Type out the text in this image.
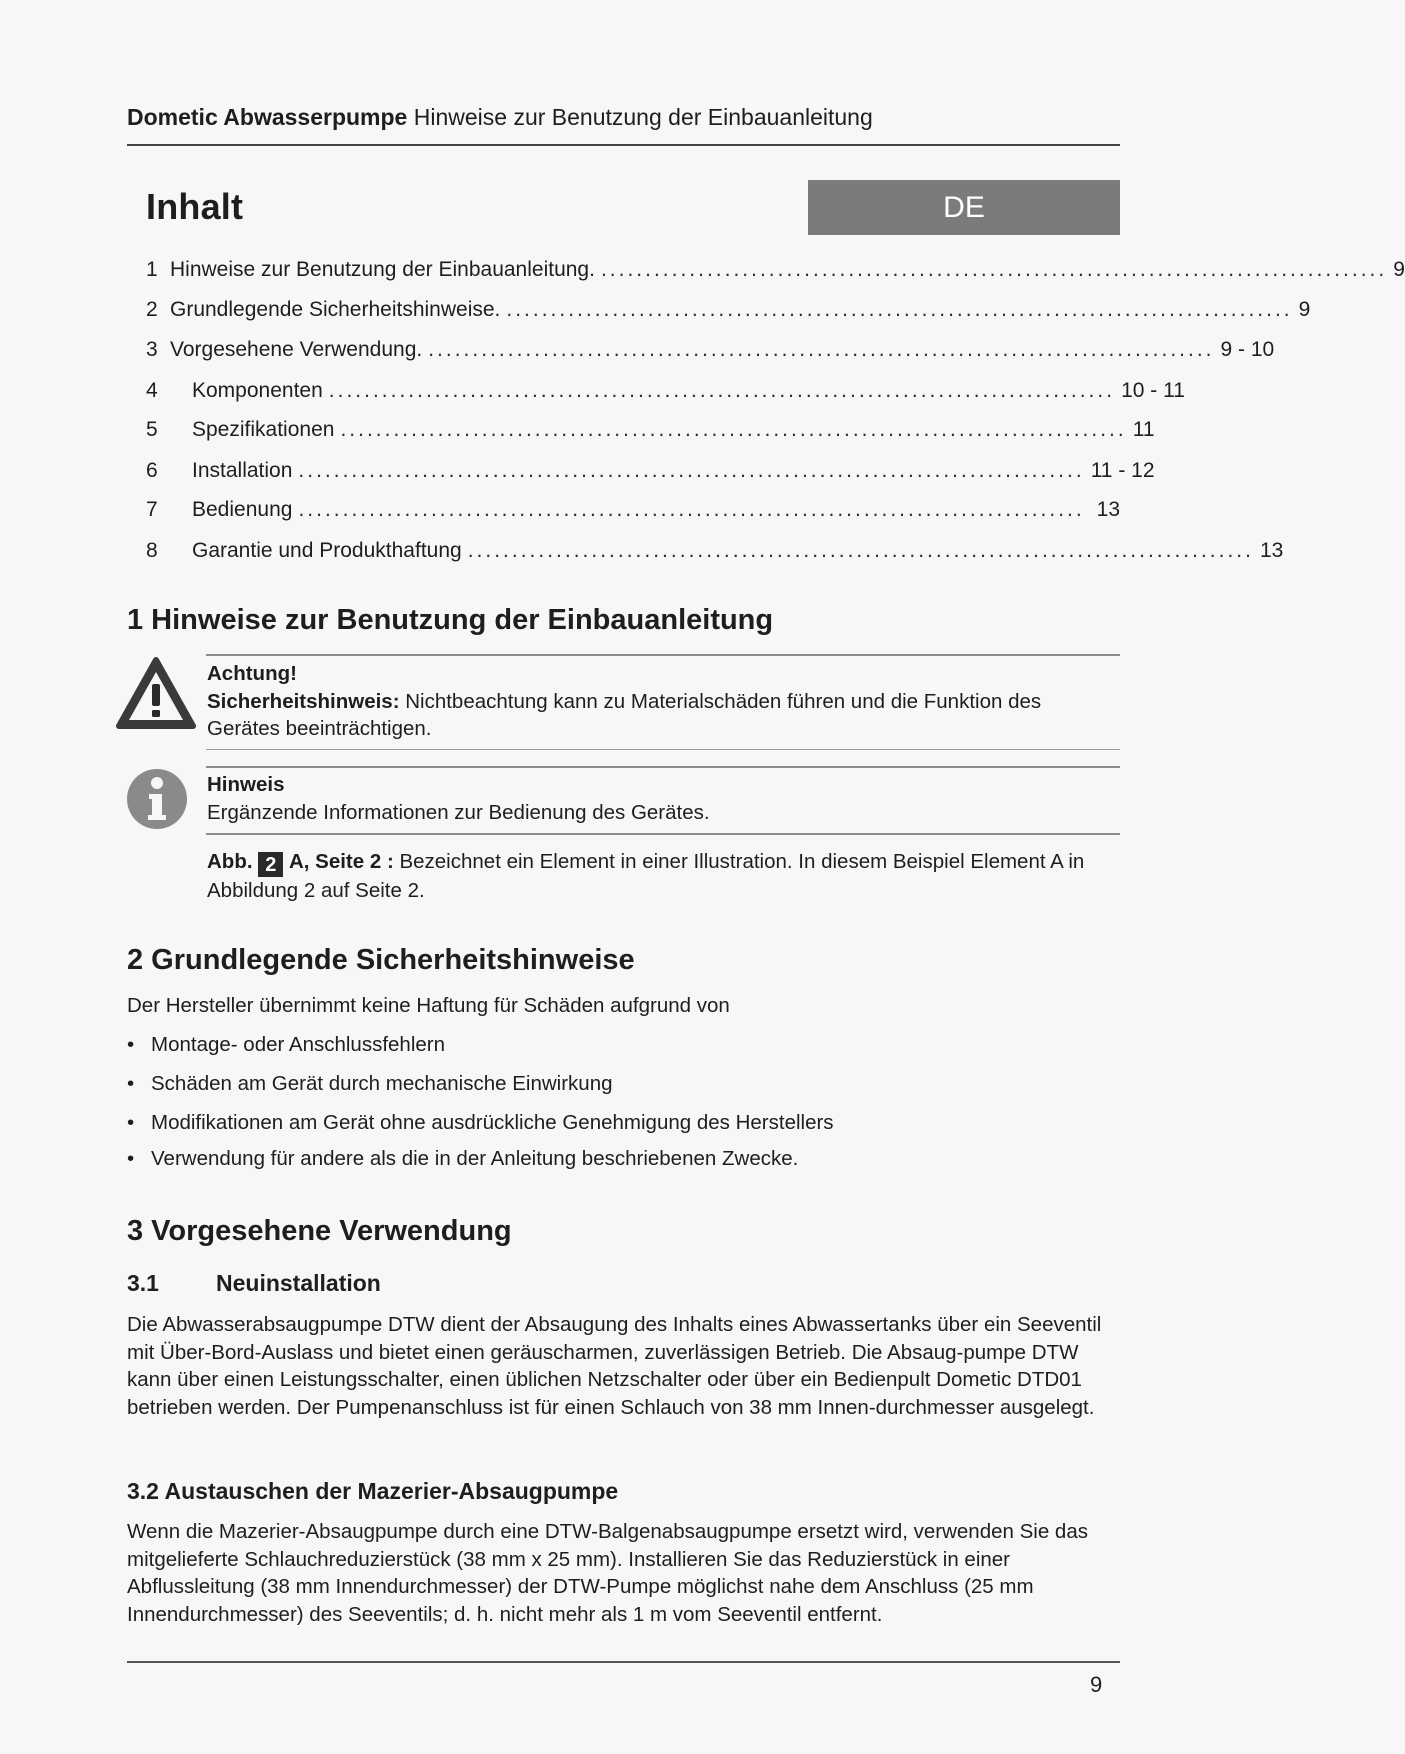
Dometic Abwasserpumpe Hinweise zur Benutzung der Einbauanleitung
Inhalt	DE
1 Hinweise zur Benutzung der Einbauanleitung. ......................................................................................... 9
2 Grundlegende Sicherheitshinweise. ......................................................................................... 9
3 Vorgesehene Verwendung. ......................................................................................... 9 - 10
4	Komponenten ......................................................................................... 10 - 11
5	Spezifikationen ......................................................................................... 11
6	Installation ......................................................................................... 11 - 12
7	Bedienung ......................................................................................... 13
8	Garantie und Produkthaftung ......................................................................................... 13
1 Hinweise zur Benutzung der Einbauanleitung
Achtung!
Sicherheitshinweis: Nichtbeachtung kann zu Materialschäden führen und die Funktion des Gerätes beeinträchtigen.
Hinweis
Ergänzende Informationen zur Bedienung des Gerätes.
Abb. 2 A, Seite 2 : Bezeichnet ein Element in einer Illustration. In diesem Beispiel Element A in Abbildung 2 auf Seite 2.
2 Grundlegende Sicherheitshinweise
Der Hersteller übernimmt keine Haftung für Schäden aufgrund von
• Montage- oder Anschlussfehlern
• Schäden am Gerät durch mechanische Einwirkung
• Modifikationen am Gerät ohne ausdrückliche Genehmigung des Herstellers
• Verwendung für andere als die in der Anleitung beschriebenen Zwecke.
3 Vorgesehene Verwendung
3.1 Neuinstallation
Die Abwasserabsaugpumpe DTW dient der Absaugung des Inhalts eines Abwassertanks über ein Seeventil mit Über-Bord-Auslass und bietet einen geräuscharmen, zuverlässigen Betrieb. Die Absaug-pumpe DTW kann über einen Leistungsschalter, einen üblichen Netzschalter oder über ein Bedienpult Dometic DTD01 betrieben werden. Der Pumpenanschluss ist für einen Schlauch von 38 mm Innen-durchmesser ausgelegt.
3.2 Austauschen der Mazerier-Absaugpumpe
Wenn die Mazerier-Absaugpumpe durch eine DTW-Balgenabsaugpumpe ersetzt wird, verwenden Sie das mitgelieferte Schlauchreduzierstück (38 mm x 25 mm). Installieren Sie das Reduzierstück in einer Abflussleitung (38 mm Innendurchmesser) der DTW-Pumpe möglichst nahe dem Anschluss (25 mm Innendurchmesser) des Seeventils; d. h. nicht mehr als 1 m vom Seeventil entfernt.
9
